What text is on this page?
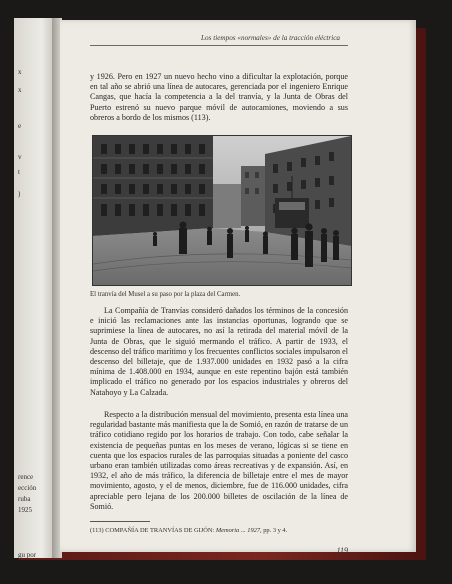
x
x
e
)
v
t
rence
ección
ruba
1925
gu por
Los tiempos «normales» de la tracción eléctrica

y 1926. Pero en 1927 un nuevo hecho vino a dificultar la explotación, porque en tal año se abrió una línea de autocares, gerenciada por el ingeniero Enrique Cangas, que hacía la competencia a la del tranvía, y la Junta de Obras del Puerto estrenó su nuevo parque móvil de autocamiones, moviendo a sus obreros a bordo de los mismos (113).

El tranvía del Musel a su paso por la plaza del Carmen.

La Compañía de Tranvías consideró dañados los términos de la concesión e inició las reclamaciones ante las instancias oportunas, logrando que se suprimiese la línea de autocares, no así la retirada del material móvil de la Junta de Obras, que le siguió mermando el tráfico. A partir de 1933, el descenso del tráfico marítimo y los frecuentes conflictos sociales impulsaron el descenso del billetaje, que de 1.937.000 unidades en 1932 pasó a la cifra mínima de 1.408.000 en 1934, aunque en este repentino bajón está también implicado el tráfico no generado por los espacios industriales y obreros del Natahoyo y La Calzada.

Respecto a la distribución mensual del movimiento, presenta esta línea una regularidad bastante más manifiesta que la de Somió, en razón de tratarse de un tráfico cotidiano regido por los horarios de trabajo. Con todo, cabe señalar la existencia de pequeñas puntas en los meses de verano, lógicas si se tiene en cuenta que los espacios rurales de las parroquias situadas a poniente del casco urbano eran también utilizadas como áreas recreativas y de expansión. Así, en 1932, el año de más tráfico, la diferencia de billetaje entre el mes de mayor movimiento, agosto, y el de menos, diciembre, fue de 116.000 unidades, cifra apreciable pero lejana de los 200.000 billetes de oscilación de la línea de Somió.

(113) COMPAÑÍA DE TRANVÍAS DE GIJÓN: Memoria ... 1927, pp. 3 y 4.
119
